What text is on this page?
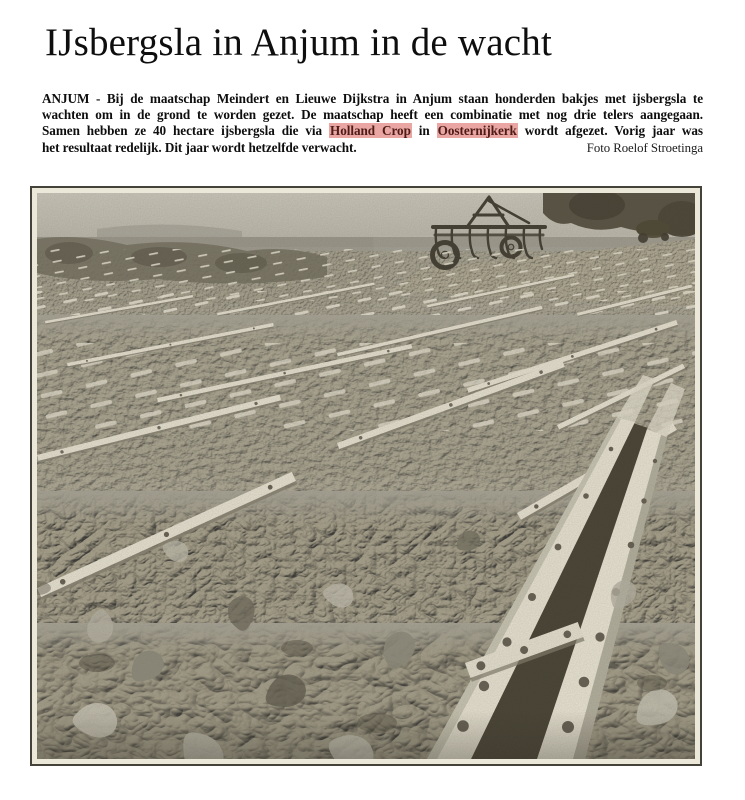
IJsbergsla in Anjum in de wacht

ANJUM - Bij de maatschap Meindert en Lieuwe Dijkstra in Anjum staan honderden bakjes met ijsbergsla te

wachten om in de grond te worden gezet. De maatschap heeft een combinatie met nog drie telers aangegaan.

Samen hebben ze 40 hectare ijsbergsla die via Holland Crop in Oosternijkerk wordt afgezet. Vorig jaar was

het resultaat redelijk. Dit jaar wordt hetzelfde verwacht.	Foto Roelof Stroetinga
